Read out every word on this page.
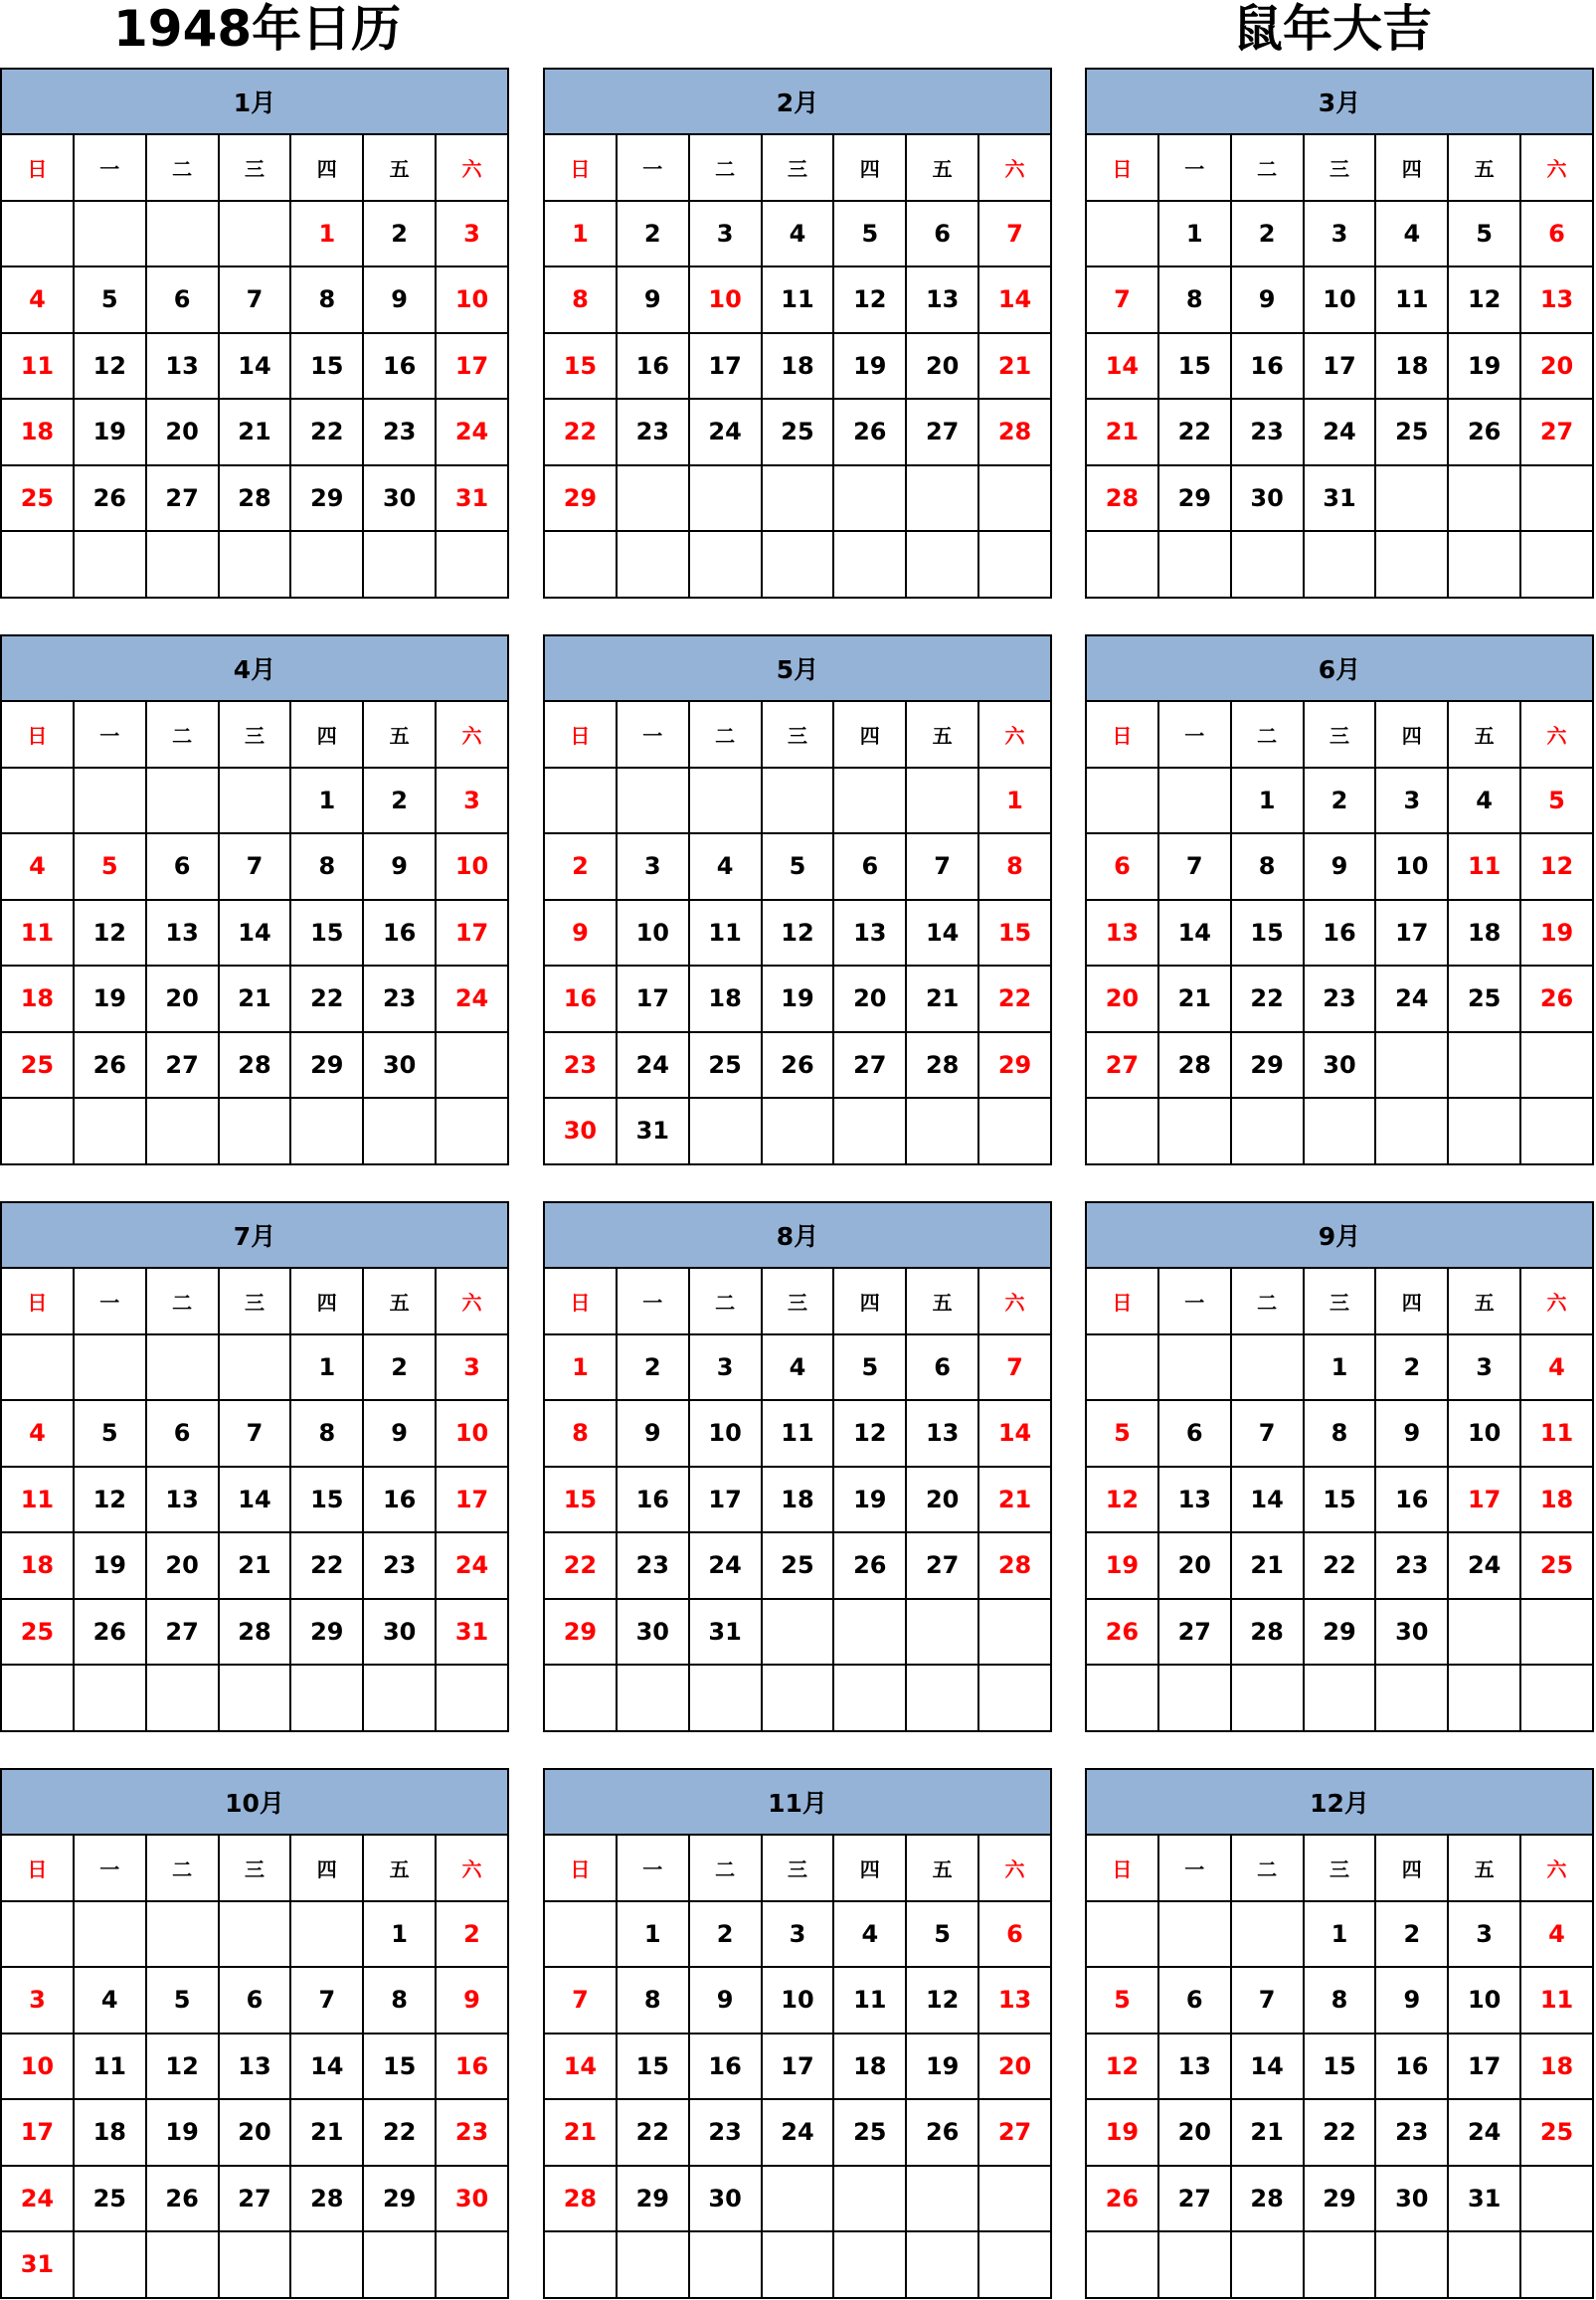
1948年日历	鼠年大吉
1月						
日	一	二	三	四	五	六
				1	2	3
4	5	6	7	8	9	10
11	12	13	14	15	16	17
18	19	20	21	22	23	24
25	26	27	28	29	30	31

2月						
日	一	二	三	四	五	六
1	2	3	4	5	6	7
8	9	10	11	12	13	14
15	16	17	18	19	20	21
22	23	24	25	26	27	28
29						

3月						
日	一	二	三	四	五	六
	1	2	3	4	5	6
7	8	9	10	11	12	13
14	15	16	17	18	19	20
21	22	23	24	25	26	27
28	29	30	31			

4月						
日	一	二	三	四	五	六
				1	2	3
4	5	6	7	8	9	10
11	12	13	14	15	16	17
18	19	20	21	22	23	24
25	26	27	28	29	30	

5月						
日	一	二	三	四	五	六
						1
2	3	4	5	6	7	8
9	10	11	12	13	14	15
16	17	18	19	20	21	22
23	24	25	26	27	28	29
30	31					
6月						
日	一	二	三	四	五	六
		1	2	3	4	5
6	7	8	9	10	11	12
13	14	15	16	17	18	19
20	21	22	23	24	25	26
27	28	29	30			

7月						
日	一	二	三	四	五	六
				1	2	3
4	5	6	7	8	9	10
11	12	13	14	15	16	17
18	19	20	21	22	23	24
25	26	27	28	29	30	31

8月						
日	一	二	三	四	五	六
1	2	3	4	5	6	7
8	9	10	11	12	13	14
15	16	17	18	19	20	21
22	23	24	25	26	27	28
29	30	31				

9月						
日	一	二	三	四	五	六
			1	2	3	4
5	6	7	8	9	10	11
12	13	14	15	16	17	18
19	20	21	22	23	24	25
26	27	28	29	30		

10月						
日	一	二	三	四	五	六
					1	2
3	4	5	6	7	8	9
10	11	12	13	14	15	16
17	18	19	20	21	22	23
24	25	26	27	28	29	30
31						
11月						
日	一	二	三	四	五	六
	1	2	3	4	5	6
7	8	9	10	11	12	13
14	15	16	17	18	19	20
21	22	23	24	25	26	27
28	29	30				

12月						
日	一	二	三	四	五	六
			1	2	3	4
5	6	7	8	9	10	11
12	13	14	15	16	17	18
19	20	21	22	23	24	25
26	27	28	29	30	31	
